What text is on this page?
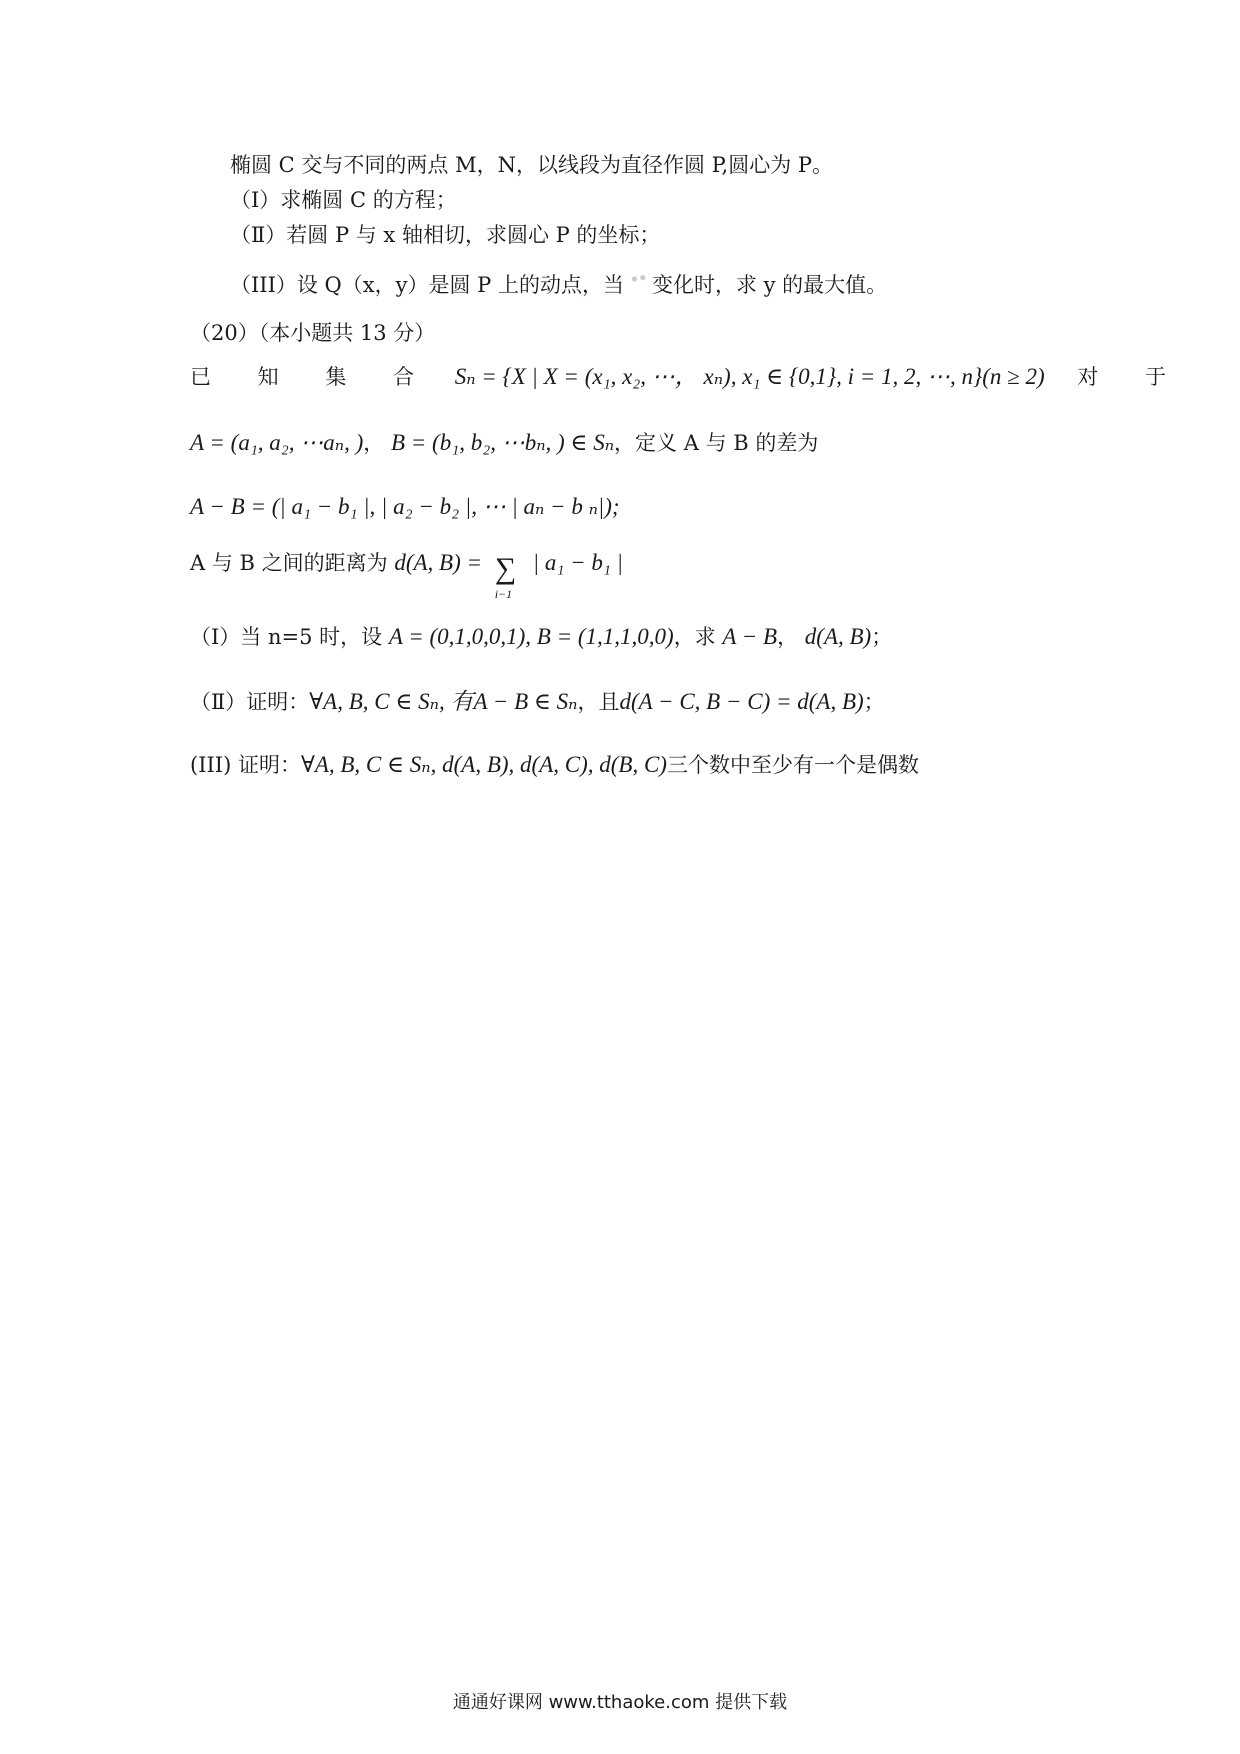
椭圆 C 交与不同的两点 M，N，以线段为直径作圆 P,圆心为 P。
（Ⅰ）求椭圆 C 的方程；
（Ⅱ）若圆 P 与 x 轴相切，求圆心 P 的坐标；
（III）设 Q（x，y）是圆 P 上的动点，当 变化时，求 y 的最大值。
（20）（本小题共 13 分）
已 知 集 合 Sₙ = {X | X = (x₁, x₂, ⋯， xₙ), x₁ ∈ {0,1}, i = 1, 2, ⋯, n}(n ≥ 2) 对 于
A = (a₁, a₂, ⋯aₙ, )， B = (b₁, b₂, ⋯bₙ, ) ∈ Sₙ，定义 A 与 B 的差为
A − B = (| a₁ − b₁ |, | a₂ − b₂ |, ⋯ | aₙ − b ₙ|);
A 与 B 之间的距离为 d(A, B) = ∑
i−1
| a₁ − b₁ |
（Ⅰ）当 n=5 时，设 A = (0,1,0,0,1), B = (1,1,1,0,0)，求 A − B， d(A, B)；
（Ⅱ）证明：∀A, B, C ∈ Sₙ, 有A − B ∈ Sₙ，且d(A − C, B − C) = d(A, B)；
(III) 证明：∀A, B, C ∈ Sₙ, d(A, B), d(A, C), d(B, C)三个数中至少有一个是偶数
通通好课网 www.tthaoke.com 提供下载
